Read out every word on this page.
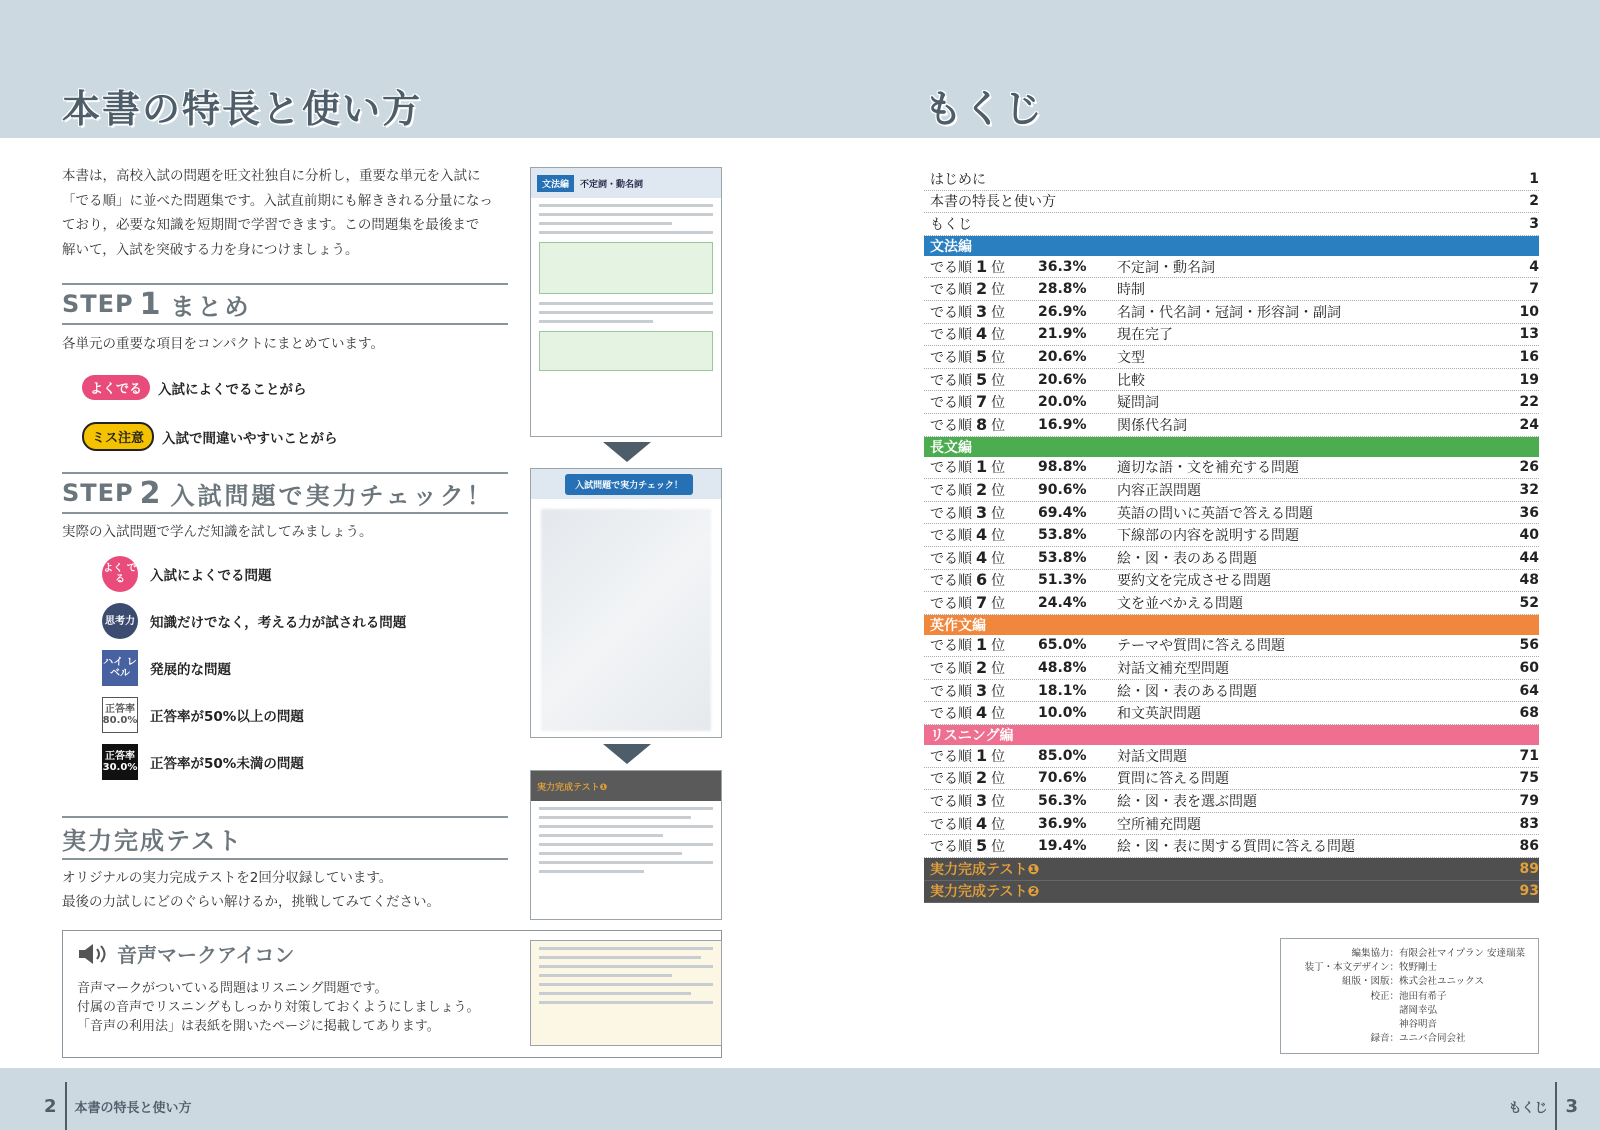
本書の特長と使い方
本書は，高校入試の問題を旺文社独自に分析し，重要な単元を入試に
「でる順」に並べた問題集です。入試直前期にも解ききれる分量になっ
ており，必要な知識を短期間で学習できます。この問題集を最後まで
解いて，入試を突破する力を身につけましょう。
STEP 1 まとめ
各単元の重要な項目をコンパクトにまとめています。
よくでる	入試によくでることがら
ミス注意	入試で間違いやすいことがら
STEP 2 入試問題で実力チェック！
実際の入試問題で学んだ知識を試してみましょう。
よく でる	入試によくでる問題
思考力 知識だけでなく，考える力が試される問題
ハイ レベル	発展的な問題
正答率 80.0% 正答率が50%以上の問題
正答率 30.0% 正答率が50%未満の問題
実力完成テスト
オリジナルの実力完成テストを2回分収録しています。
最後の力試しにどのぐらい解けるか，挑戦してみてください。
音声マークアイコン
音声マークがついている問題はリスニング問題です。
付属の音声でリスニングもしっかり対策しておくようにしましょう。
「音声の利用法」は表紙を開いたページに掲載してあります。
文法編	不定詞・動名詞
入試問題で実力チェック！
実力完成テスト❶
2 本書の特長と使い方
もくじ
はじめに	1
本書の特長と使い方	2
もくじ	3
文法編
でる順 1 位	36.3%	不定詞・動名詞	4
でる順 2 位	28.8%	時制	7
でる順 3 位	26.9%	名詞・代名詞・冠詞・形容詞・副詞	10
でる順 4 位	21.9%	現在完了	13
でる順 5 位	20.6%	文型	16
でる順 5 位	20.6%	比較	19
でる順 7 位	20.0%	疑問詞	22
でる順 8 位	16.9%	関係代名詞	24
長文編
でる順 1 位	98.8%	適切な語・文を補充する問題	26
でる順 2 位	90.6%	内容正誤問題	32
でる順 3 位	69.4%	英語の問いに英語で答える問題	36
でる順 4 位	53.8%	下線部の内容を説明する問題	40
でる順 4 位	53.8%	絵・図・表のある問題	44
でる順 6 位	51.3%	要約文を完成させる問題	48
でる順 7 位	24.4%	文を並べかえる問題	52
英作文編
でる順 1 位	65.0%	テーマや質問に答える問題	56
でる順 2 位	48.8%	対話文補充型問題	60
でる順 3 位	18.1%	絵・図・表のある問題	64
でる順 4 位	10.0%	和文英訳問題	68
リスニング編
でる順 1 位	85.0%	対話文問題	71
でる順 2 位	70.6%	質問に答える問題	75
でる順 3 位	56.3%	絵・図・表を選ぶ問題	79
でる順 4 位	36.9%	空所補充問題	83
でる順 5 位	19.4%	絵・図・表に関する質問に答える問題	86
実力完成テスト❶	89
実力完成テスト❷	93
編集協力： 有限会社マイプラン 安達瑞菜
装丁・本文デザイン： 牧野剛士
組版・図版： 株式会社ユニックス
校正： 池田有希子
諸岡幸弘
神谷明音
録音： ユニバ合同会社
もくじ 3
